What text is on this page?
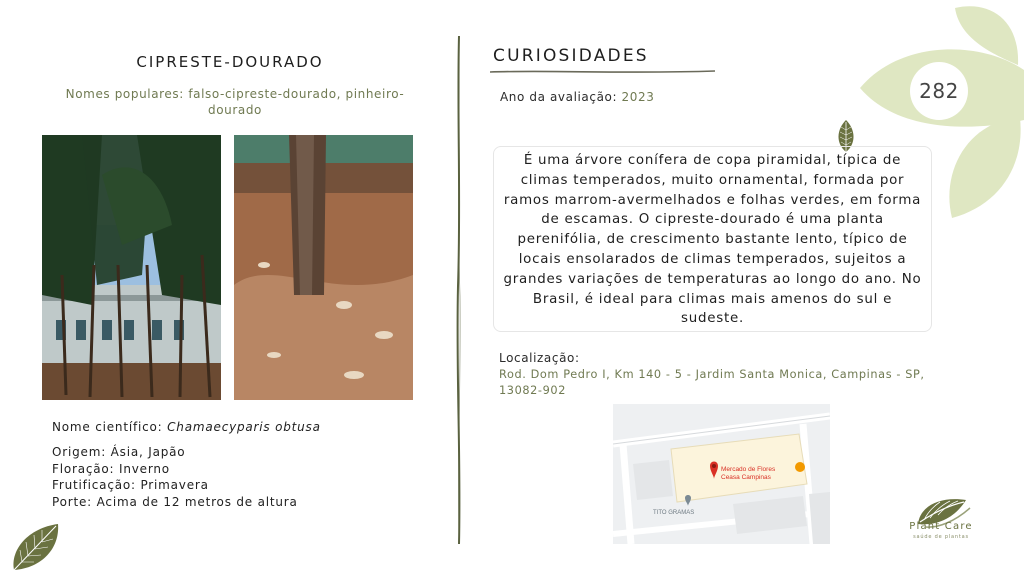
282
CIPRESTE-DOURADO
Nomes populares: falso-cipreste-dourado, pinheiro-dourado
Nome científico: Chamaecyparis obtusa
Origem: Ásia, Japão
Floração: Inverno
Frutificação: Primavera
Porte: Acima de 12 metros de altura
CURIOSIDADES
Ano da avaliação: 2023
É uma árvore conífera de copa piramidal, típica de climas temperados, muito ornamental, formada por ramos marrom-avermelhados e folhas verdes, em forma de escamas. O cipreste-dourado é uma planta perenifólia, de crescimento bastante lento, típico de locais ensolarados de climas temperados, sujeitos a grandes variações de temperaturas ao longo do ano. No Brasil, é ideal para climas mais amenos do sul e sudeste.
Localização:
Rod. Dom Pedro I, Km 140 - 5 - Jardim Santa Monica, Campinas - SP, 13082-902
Mercado de Flores
Ceasa Campinas
TITO GRAMAS
Plant Care
saúde de plantas
